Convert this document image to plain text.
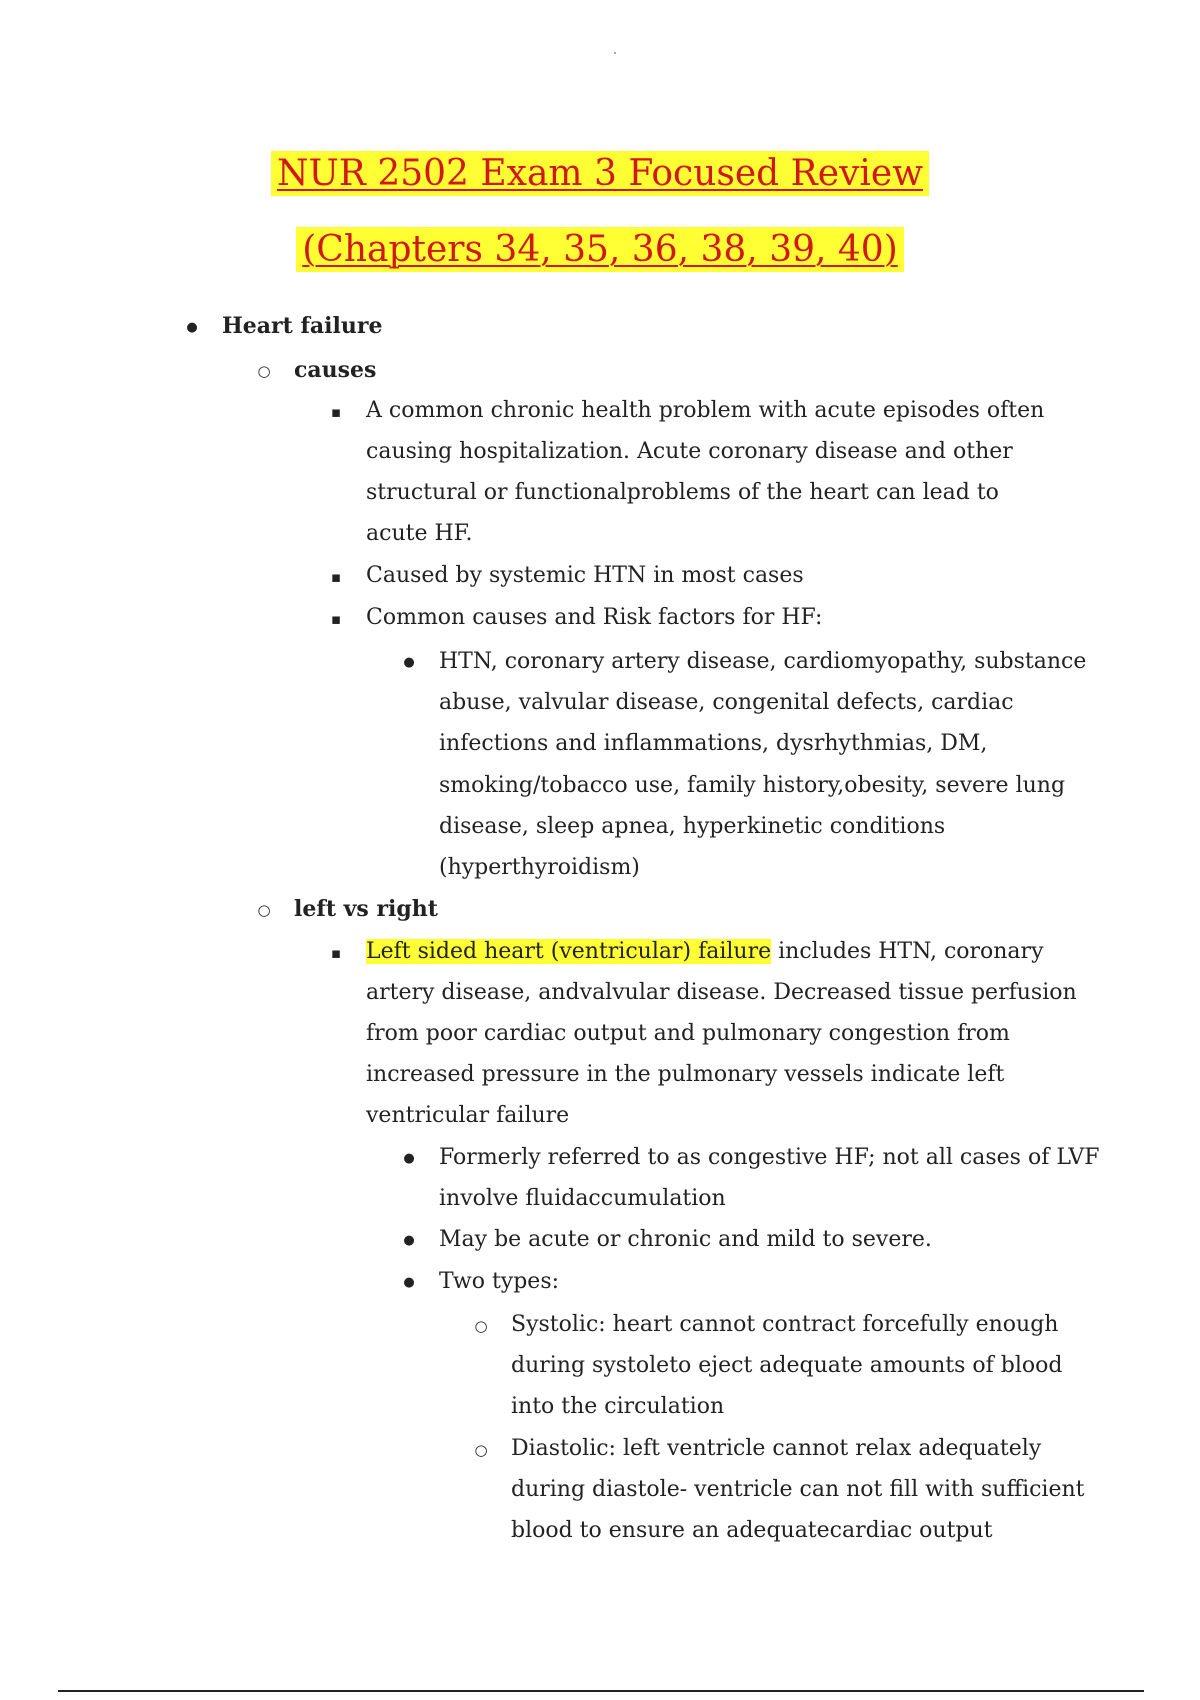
NUR 2502 Exam 3 Focused Review
(Chapters 34, 35, 36, 38, 39, 40)
●
Heart failure
○
causes
▪
A common chronic health problem with acute episodes often
causing hospitalization. Acute coronary disease and other
structural or functionalproblems of the heart can lead to
acute HF.
▪
Caused by systemic HTN in most cases
▪
Common causes and Risk factors for HF:
●
HTN, coronary artery disease, cardiomyopathy, substance
abuse, valvular disease, congenital defects, cardiac
infections and inflammations, dysrhythmias, DM,
smoking/tobacco use, family history,obesity, severe lung
disease, sleep apnea, hyperkinetic conditions
(hyperthyroidism)
○
left vs right
▪
Left sided heart (ventricular) failure includes HTN, coronary
artery disease, andvalvular disease. Decreased tissue perfusion
from poor cardiac output and pulmonary congestion from
increased pressure in the pulmonary vessels indicate left
ventricular failure
●
Formerly referred to as congestive HF; not all cases of LVF
involve fluidaccumulation
●
May be acute or chronic and mild to severe.
●
Two types:
○
Systolic: heart cannot contract forcefully enough
during systoleto eject adequate amounts of blood
into the circulation
○
Diastolic: left ventricle cannot relax adequately
during diastole- ventricle can not fill with sufficient
blood to ensure an adequatecardiac output
